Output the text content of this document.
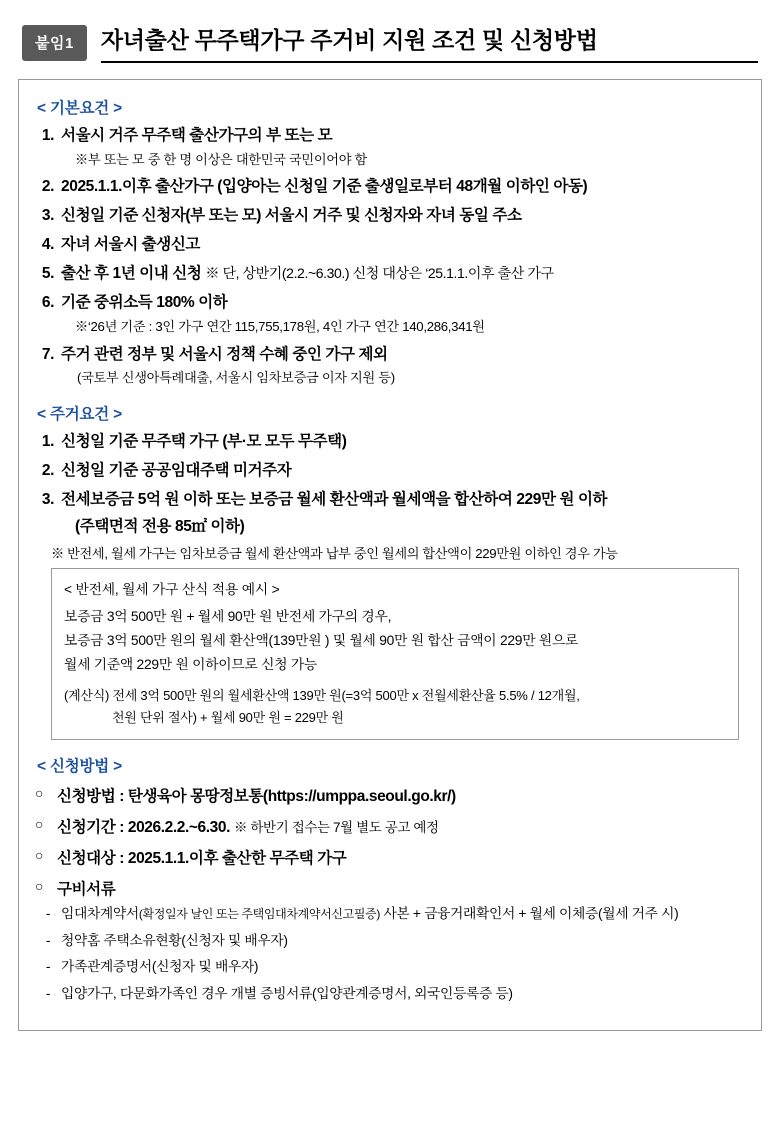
붙임1	자녀출산 무주택가구 주거비 지원 조건 및 신청방법
< 기본요건 >
1. 서울시 거주 무주택 출산가구의 부 또는 모
※부 또는 모 중 한 명 이상은 대한민국 국민이어야 함
2. 2025.1.1.이후 출산가구 (입양아는 신청일 기준 출생일로부터 48개월 이하인 아동)
3. 신청일 기준 신청자(부 또는 모) 서울시 거주 및 신청자와 자녀 동일 주소
4. 자녀 서울시 출생신고
5. 출산 후 1년 이내 신청 ※ 단, 상반기(2.2.~6.30.) 신청 대상은 ‘25.1.1.이후 출산 가구
6. 기준 중위소득 180% 이하
※‘26년 기준 : 3인 가구 연간 115,755,178원, 4인 가구 연간 140,286,341원
7. 주거 관련 정부 및 서울시 정책 수혜 중인 가구 제외
(국토부 신생아특례대출, 서울시 임차보증금 이자 지원 등)
< 주거요건 >
1. 신청일 기준 무주택 가구 (부·모 모두 무주택)
2. 신청일 기준 공공임대주택 미거주자
3. 전세보증금 5억 원 이하 또는 보증금 월세 환산액과 월세액을 합산하여 229만 원 이하
(주택면적 전용 85㎡ 이하)
※ 반전세, 월세 가구는 임차보증금 월세 환산액과 납부 중인 월세의 합산액이 229만원 이하인 경우 가능
< 반전세, 월세 가구 산식 적용 예시 >
보증금 3억 500만 원 + 월세 90만 원 반전세 가구의 경우,
보증금 3억 500만 원의 월세 환산액(139만원 ) 및 월세 90만 원 합산 금액이 229만 원으로
월세 기준액 229만 원 이하이므로 신청 가능
(계산식) 전세 3억 500만 원의 월세환산액 139만 원(=3억 500만 x 전월세환산율 5.5% / 12개월,
천원 단위 절사) + 월세 90만 원 = 229만 원
< 신청방법 >
○ 신청방법 : 탄생육아 몽땅정보통(https://umppa.seoul.go.kr/)
○ 신청기간 : 2026.2.2.~6.30. ※ 하반기 접수는 7월 별도 공고 예정
○ 신청대상 : 2025.1.1.이후 출산한 무주택 가구
○ 구비서류
- 임대차계약서(확정일자 날인 또는 주택임대차계약서신고필증) 사본 + 금융거래확인서 + 월세 이체증(월세 거주 시)
- 청약홈 주택소유현황(신청자 및 배우자)
- 가족관계증명서(신청자 및 배우자)
- 입양가구, 다문화가족인 경우 개별 증빙서류(입양관계증명서, 외국인등록증 등)
